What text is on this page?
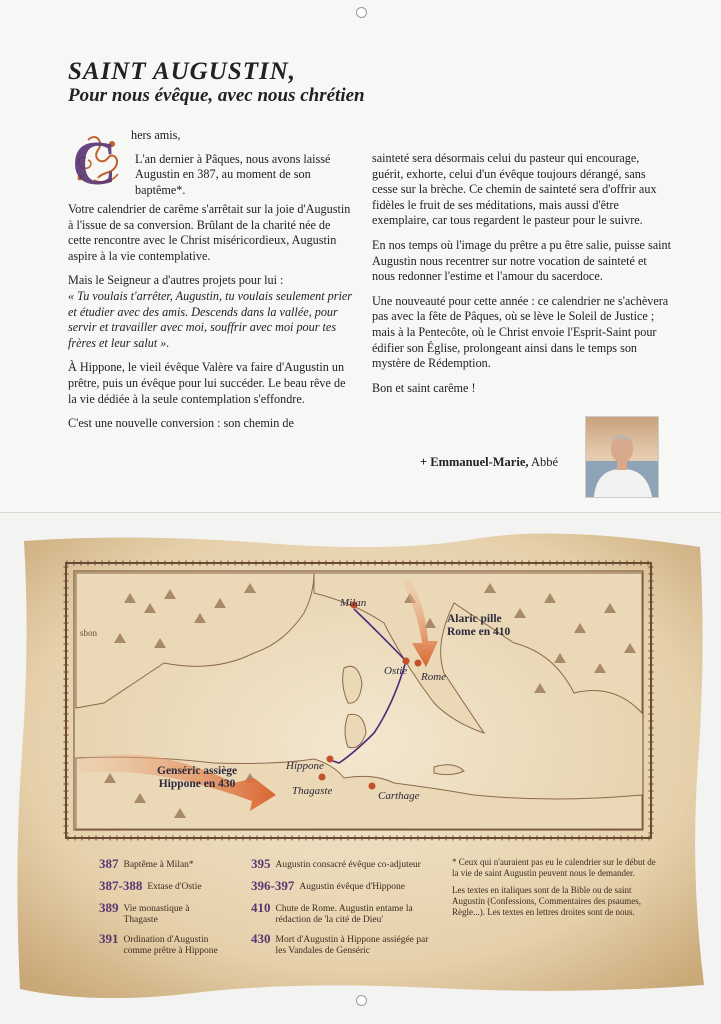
SAINT AUGUSTIN,
Pour nous évêque, avec nous chrétien
C hers amis,

L'an dernier à Pâques, nous avons laissé Augustin en 387, au moment de son baptême*.

Votre calendrier de carême s'arrêtait sur la joie d'Augustin à l'issue de sa conversion. Brûlant de la charité née de cette rencontre avec le Christ miséricordieux, Augustin aspire à la vie contemplative.

Mais le Seigneur a d'autres projets pour lui :

« Tu voulais t'arrêter, Augustin, tu voulais seulement prier et étudier avec des amis. Descends dans la vallée, pour servir et travailler avec moi, souffrir avec moi pour tes frères et leur salut ».

À Hippone, le vieil évêque Valère va faire d'Augustin un prêtre, puis un évêque pour lui succéder. Le beau rêve de la vie dédiée à la seule contemplation s'effondre.

C'est une nouvelle conversion : son chemin de

sainteté sera désormais celui du pasteur qui encourage, guérit, exhorte, celui d'un évêque toujours dérangé, sans cesse sur la brèche. Ce chemin de sainteté sera d'offrir aux fidèles le fruit de ses méditations, mais aussi d'être exemplaire, car tous regardent le pasteur pour le suivre.

En nos temps où l'image du prêtre a pu être salie, puisse saint Augustin nous recentrer sur notre vocation de sainteté et nous redonner l'estime et l'amour du sacerdoce.

Une nouveauté pour cette année : ce calendrier ne s'achèvera pas avec la fête de Pâques, où se lève le Soleil de Justice ; mais à la Pentecôte, où le Christ envoie l'Esprit-Saint pour édifier son Église, prolongeant ainsi dans le temps son mystère de Rédemption.

Bon et saint carême !

+ Emmanuel-Marie, Abbé
Milan
Ostie Rome
Hippone
Thagaste	Carthage
sbon
Alaric pille
Rome en 410
Genséric assiège
Hippone en 430
387 Baptême à Milan*
387-388 Extase d'Ostie
389 Vie monastique à Thagaste
391 Ordination d'Augustin comme prêtre à Hippone
395 Augustin consacré évêque co-adjuteur
396-397 Augustin évêque d'Hippone
410 Chute de Rome. Augustin entame la rédaction de 'la cité de Dieu'
430 Mort d'Augustin à Hippone assiégée par les Vandales de Genséric

* Ceux qui n'auraient pas eu le calendrier sur le début de la vie de saint Augustin peuvent nous le demander.

Les textes en italiques sont de la Bible ou de saint Augustin (Confessions, Commentaires des psaumes, Règle...). Les textes en lettres droites sont de nous.
